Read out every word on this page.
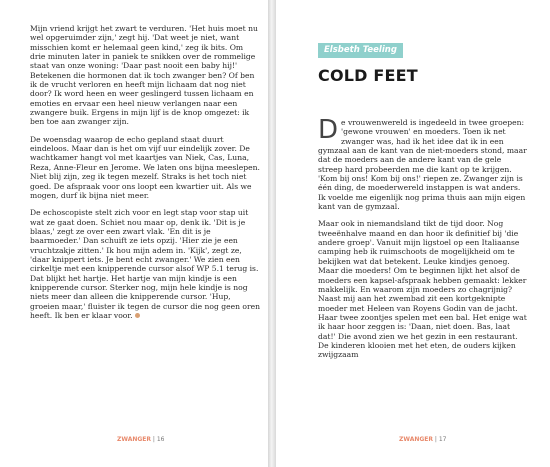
Mijn vriend krijgt het zwart te verduren. 'Het huis moet nu wel opgeruimder zijn,' zegt hij. 'Dat weet je niet, want misschien komt er helemaal geen kind,' zeg ik bits. Om drie minuten later in paniek te snikken over de rommelige staat van onze woning: 'Daar past nooit een baby hij!' Betekenen die hormonen dat ik toch zwanger ben? Of ben ik de vrucht verloren en heeft mijn lichaam dat nog niet door? Ik word heen en weer geslingerd tussen lichaam en emoties en ervaar een heel nieuw verlangen naar een zwangere buik. Ergens in mijn lijf is de knop omgezet: ik ben toe aan zwanger zijn.

De woensdag waarop de echo gepland staat duurt eindeloos. Maar dan is het om vijf uur eindelijk zover. De wachtkamer hangt vol met kaartjes van Niek, Cas, Luna, Reza, Anne-Fleur en Jerome. We laten ons bijna meeslepen. Niet blij zijn, zeg ik tegen mezelf. Straks is het toch niet goed. De afspraak voor ons loopt een kwartier uit. Als we mogen, durf ik bijna niet meer.

De echoscopiste stelt zich voor en legt stap voor stap uit wat ze gaat doen. Schiet nou maar op, denk ik. 'Dit is je blaas,' zegt ze over een zwart vlak. 'En dit is je baarmoeder.' Dan schuift ze iets opzij. 'Hier zie je een vruchtzakje zitten.' Ik hou mijn adem in. 'Kijk', zegt ze, 'daar knippert iets. Je bent echt zwanger.' We zien een cirkeltje met een knipperende cursor alsof WP 5.1 terug is. Dat blijkt het hartje. Het hartje van mijn kindje is een knipperende cursor. Sterker nog, mijn hele kindje is nog niets meer dan alleen die knipperende cursor. 'Hup, groeien maar,' fluister ik tegen de cursor die nog geen oren heeft. Ik ben er klaar voor.

ZWANGER | 16
Elsbeth Teeling
COLD FEET

De vrouwenwereld is ingedeeld in twee groepen: 'gewone vrouwen' en moeders. Toen ik net zwanger was, had ik het idee dat ik in een gymzaal aan de kant van de niet-moeders stond, maar dat de moeders aan de andere kant van de gele streep hard probeerden me die kant op te krijgen. 'Kom bij ons! Kom bij ons!' riepen ze. Zwanger zijn is één ding, de moederwereld instappen is wat anders. Ik voelde me eigenlijk nog prima thuis aan mijn eigen kant van de gymzaal.

Maar ook in niemandsland tikt de tijd door. Nog tweeënhalve maand en dan hoor ik definitief bij 'die andere groep'. Vanuit mijn ligstoel op een Italiaanse camping heb ik ruimschoots de mogelijkheid om te bekijken wat dat betekent. Leuke kindjes genoeg. Maar die moeders! Om te beginnen lijkt het alsof de moeders een kapsel-afspraak hebben gemaakt: lekker makkelijk. En waarom zijn moeders zo chagrijnig? Naast mij aan het zwembad zit een kortgeknipte moeder met Heleen van Royens Godin van de jacht. Haar twee zoontjes spelen met een bal. Het enige wat ik haar hoor zeggen is: 'Daan, niet doen. Bas, laat dat!' Die avond zien we het gezin in een restaurant. De kinderen klooien met het eten, de ouders kijken zwijgzaam

ZWANGER | 17
